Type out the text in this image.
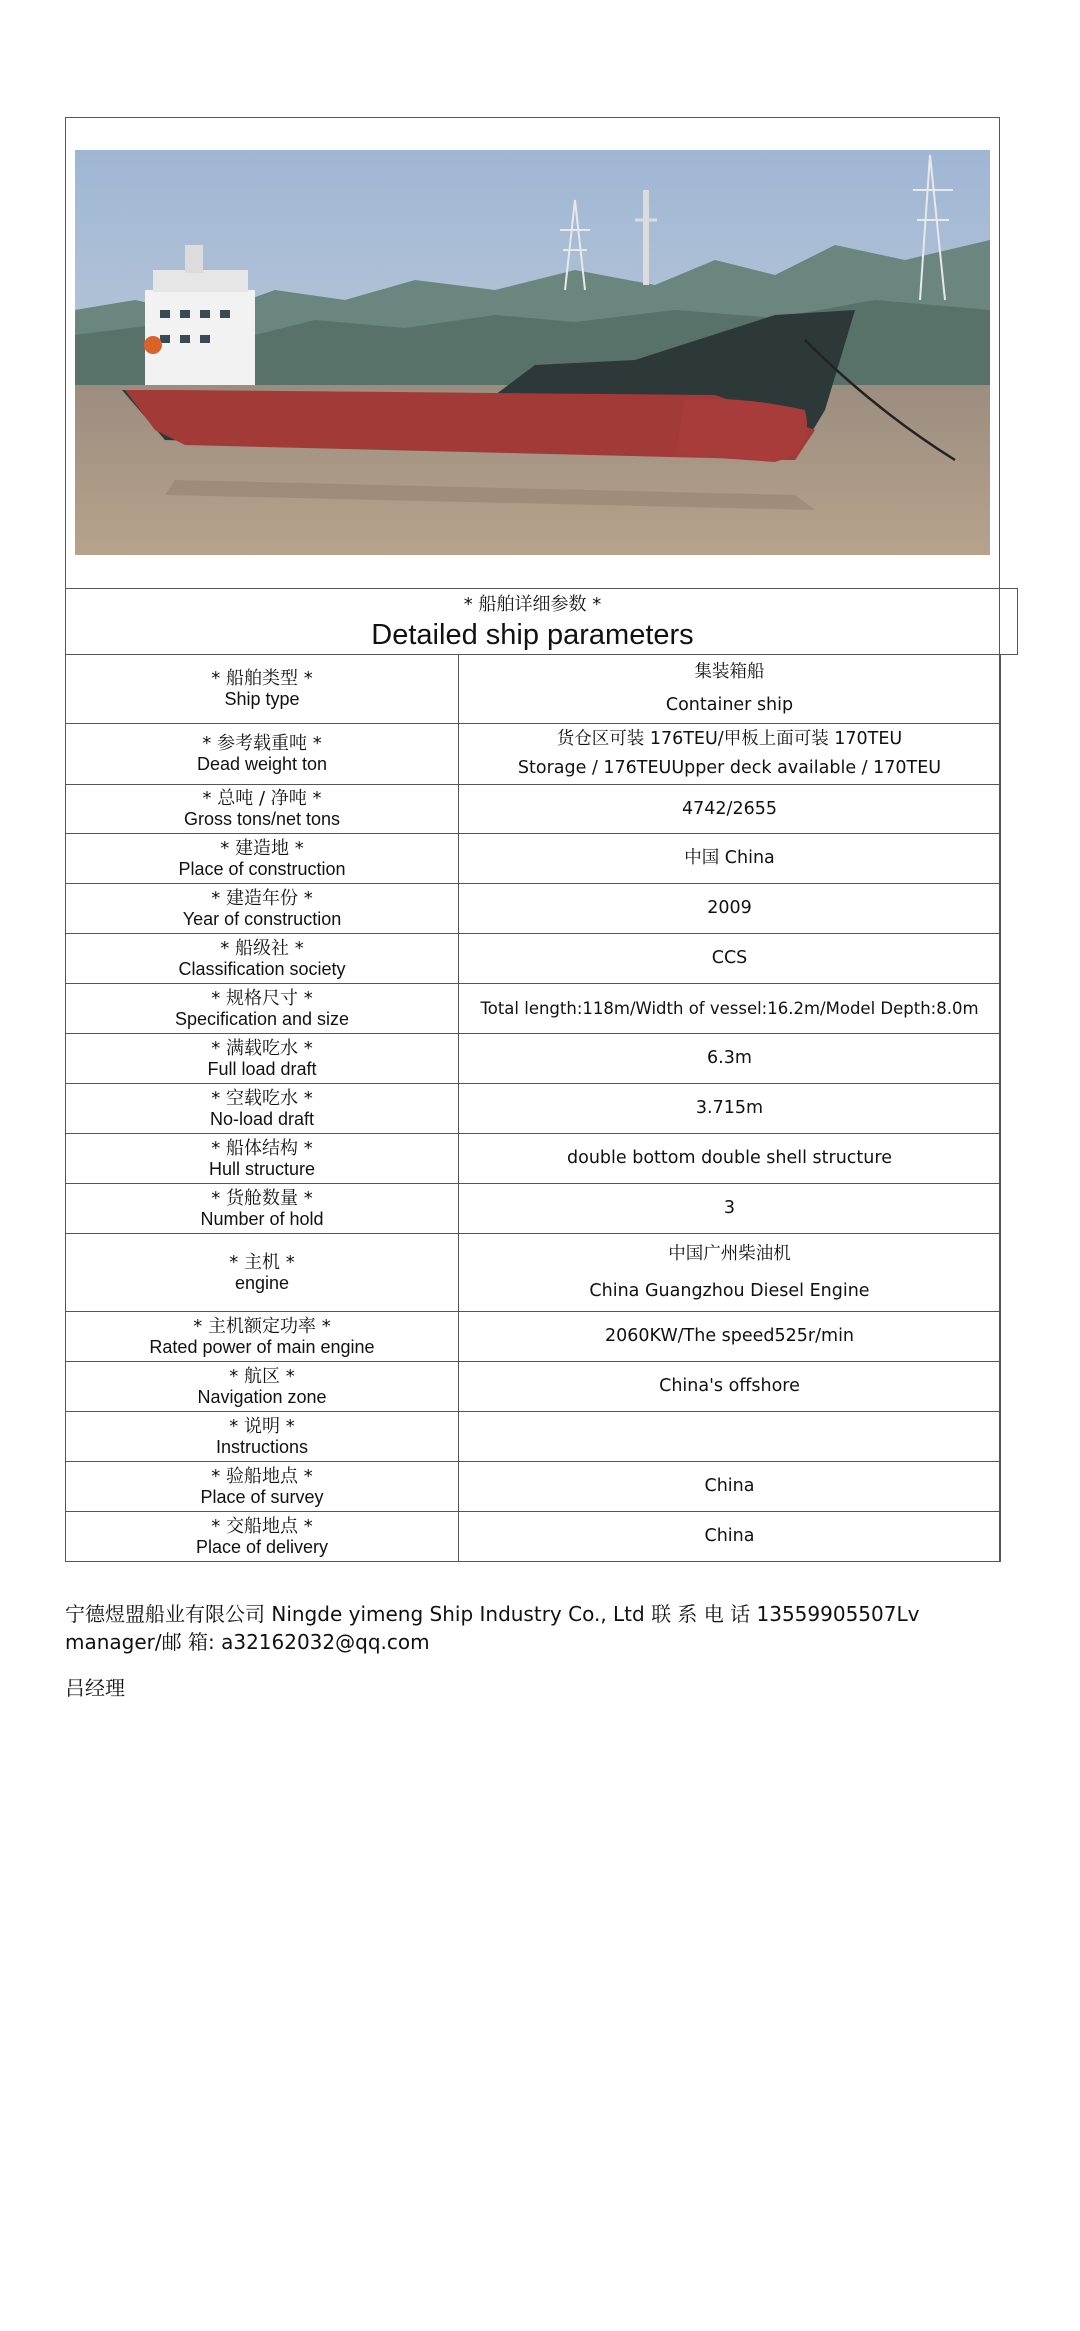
* 船舶详细参数 *
Detailed ship parameters
* 船舶类型 *
Ship type	集装箱船
Container ship

* 参考载重吨 *
Dead weight ton	货仓区可装 176TEU/甲板上面可装 170TEU
Storage / 176TEUUpper deck available / 170TEU

* 总吨 / 净吨 *
Gross tons/net tons	4742/2655

* 建造地 *
Place of construction	中国 China

* 建造年份 *
Year of construction	2009

* 船级社 *
Classification society	CCS

* 规格尺寸 *
Specification and size	Total length:118m/Width of vessel:16.2m/Model Depth:8.0m

* 满载吃水 *
Full load draft	6.3m

* 空载吃水 *
No-load draft	3.715m

* 船体结构 *
Hull structure	double bottom double shell structure

* 货舱数量 *
Number of hold	3

* 主机 *
engine	中国广州柴油机
China Guangzhou Diesel Engine

* 主机额定功率 *
Rated power of main engine	2060KW/The speed525r/min

* 航区 *
Navigation zone	China's offshore

* 说明 *
Instructions	

* 验船地点 *
Place of survey	China

* 交船地点 *
Place of delivery	China
宁德煜盟船业有限公司 Ningde yimeng Ship Industry Co., Ltd 联 系 电 话 13559905507Lv manager/邮 箱: a32162032@qq.com
吕经理
